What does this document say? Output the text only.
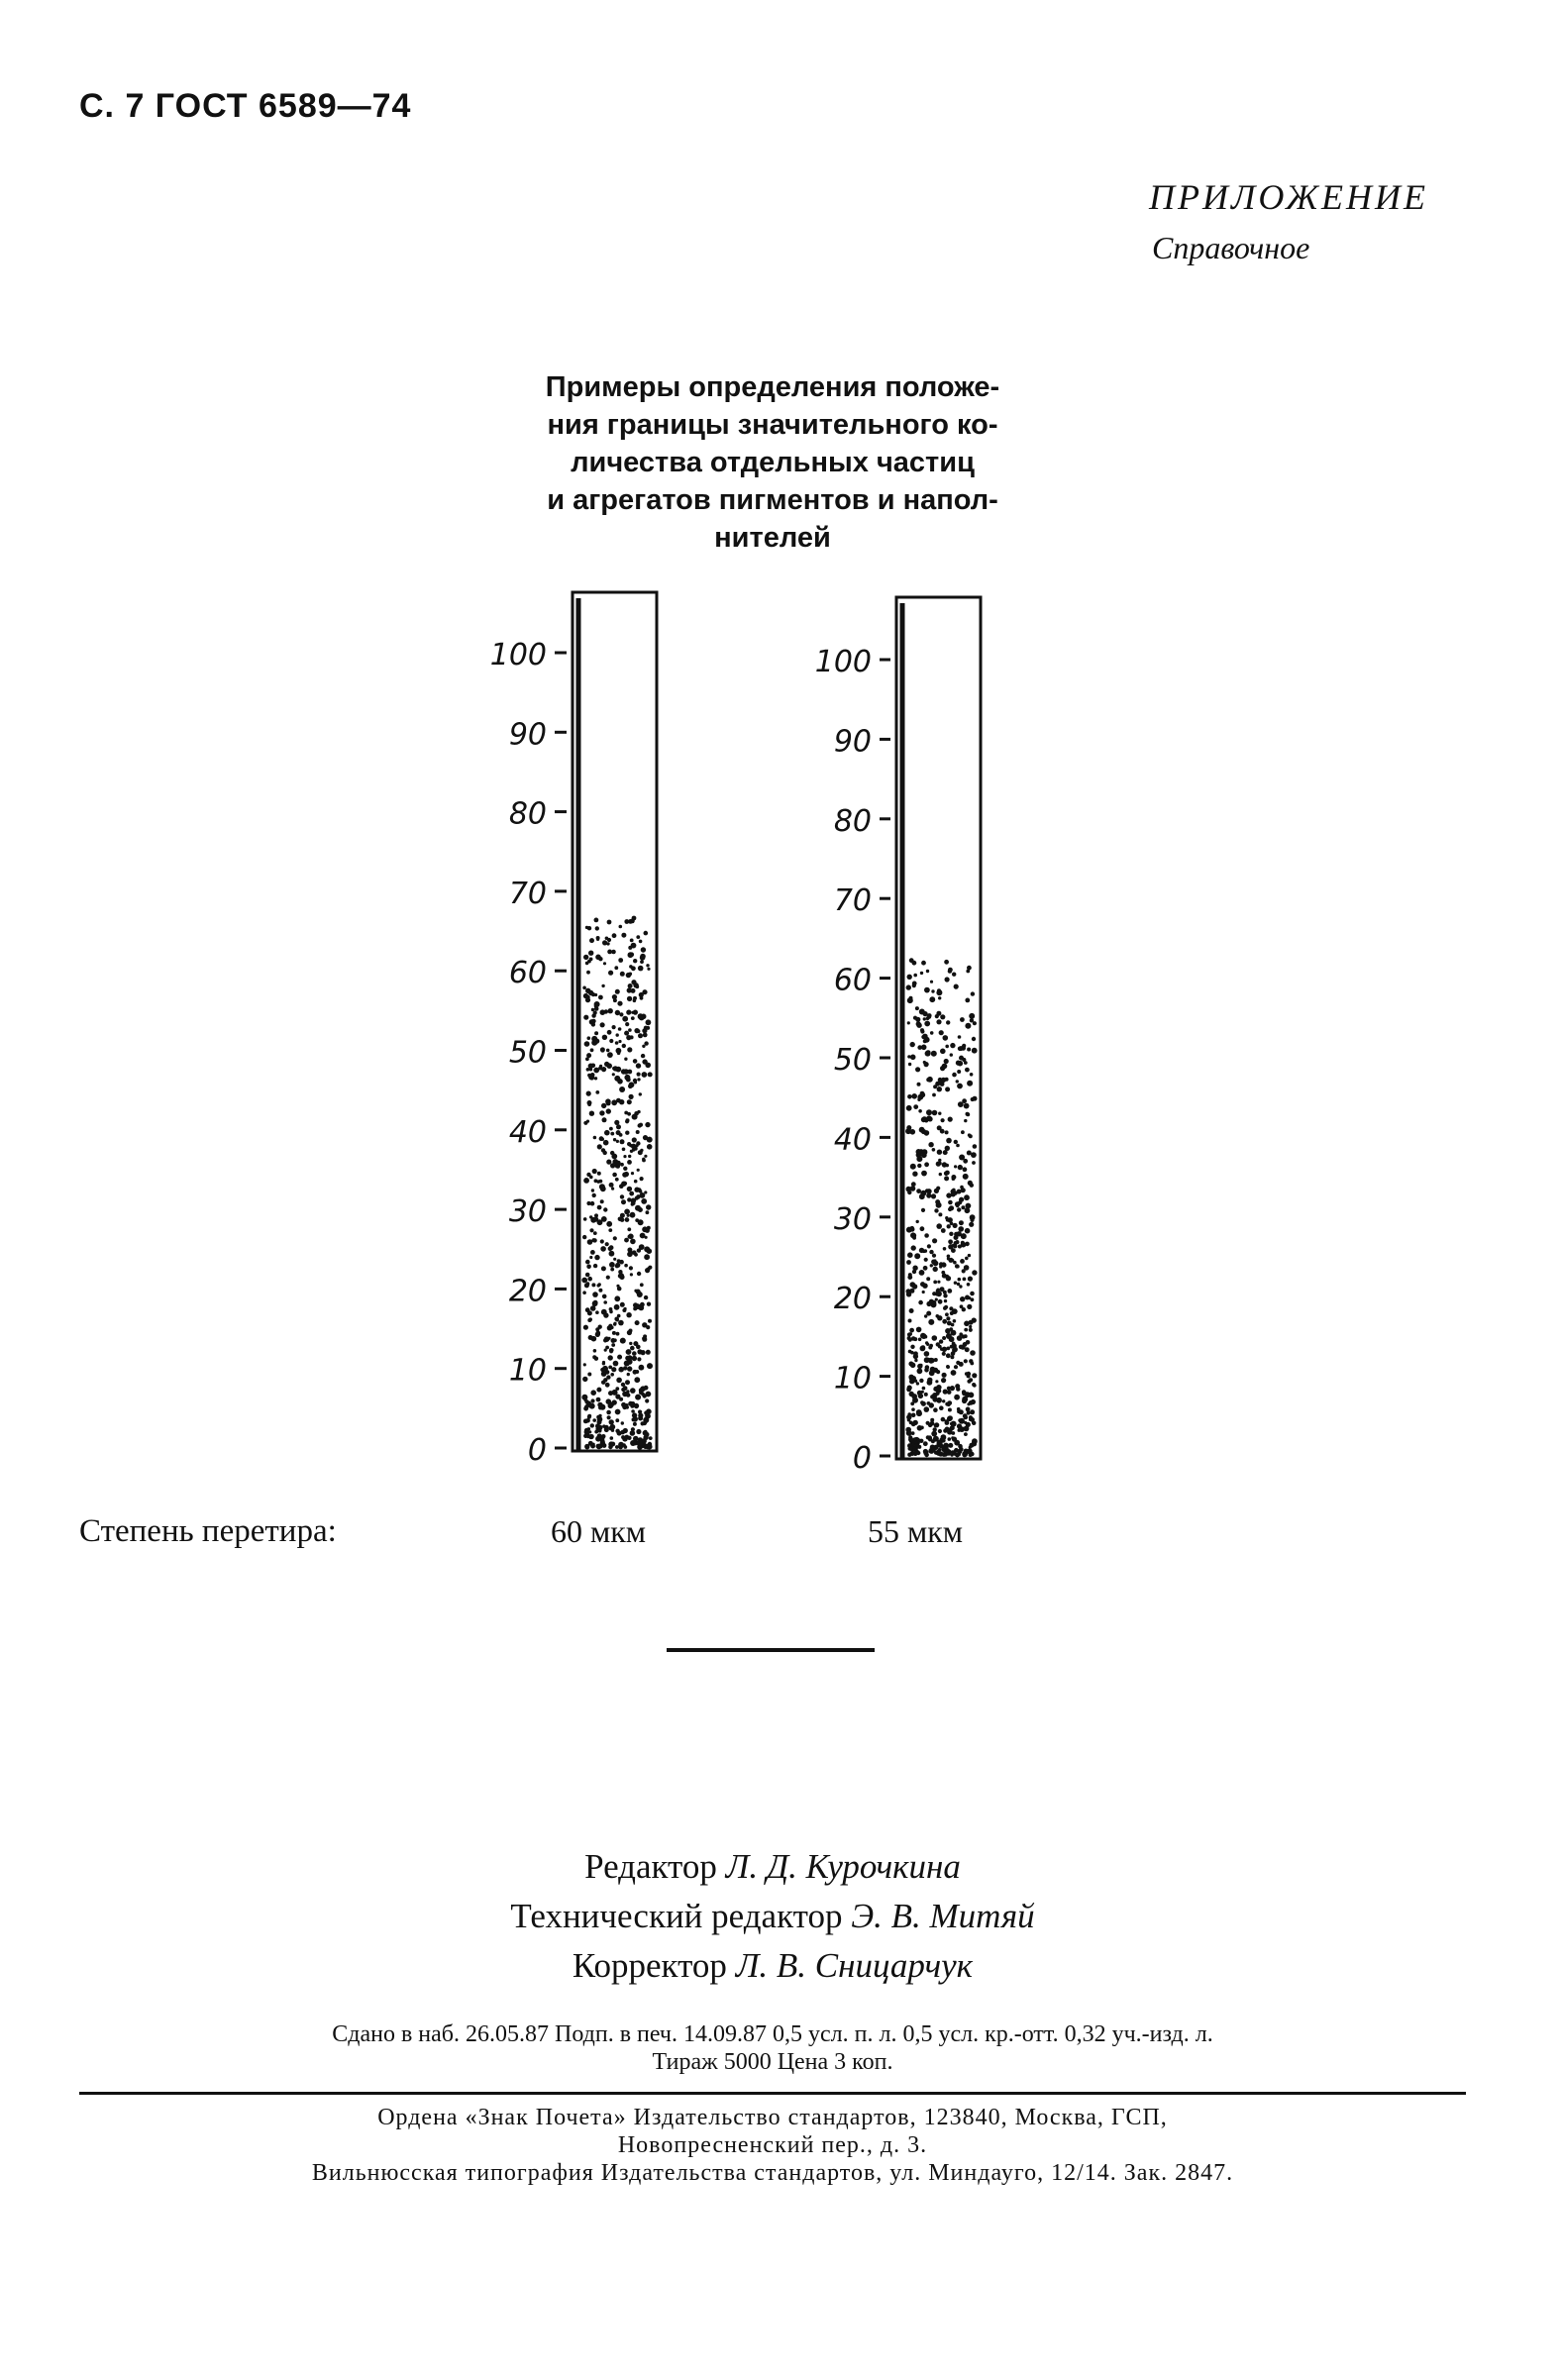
С. 7 ГОСТ 6589—74
ПРИЛОЖЕНИЕ
Справочное
Примеры определения положе-
ния границы значительного ко-
личества отдельных частиц
и агрегатов пигментов и напол-
нителей
100
90
80
70
60
50
40
30
20
10
0
100
90
80
70
60
50
40
30
20
10
0
Степень перетира:	60 мкм	55 мкм
Редактор Л. Д. Курочкина
Технический редактор Э. В. Митяй
Корректор Л. В. Сницарчук
Сдано в наб. 26.05.87 Подп. в печ. 14.09.87 0,5 усл. п. л. 0,5 усл. кр.-отт. 0,32 уч.-изд. л.
Тираж 5000 Цена 3 коп.
Ордена «Знак Почета» Издательство стандартов, 123840, Москва, ГСП,
Новопресненский пер., д. 3.
Вильнюсская типография Издательства стандартов, ул. Миндауго, 12/14. Зак. 2847.
